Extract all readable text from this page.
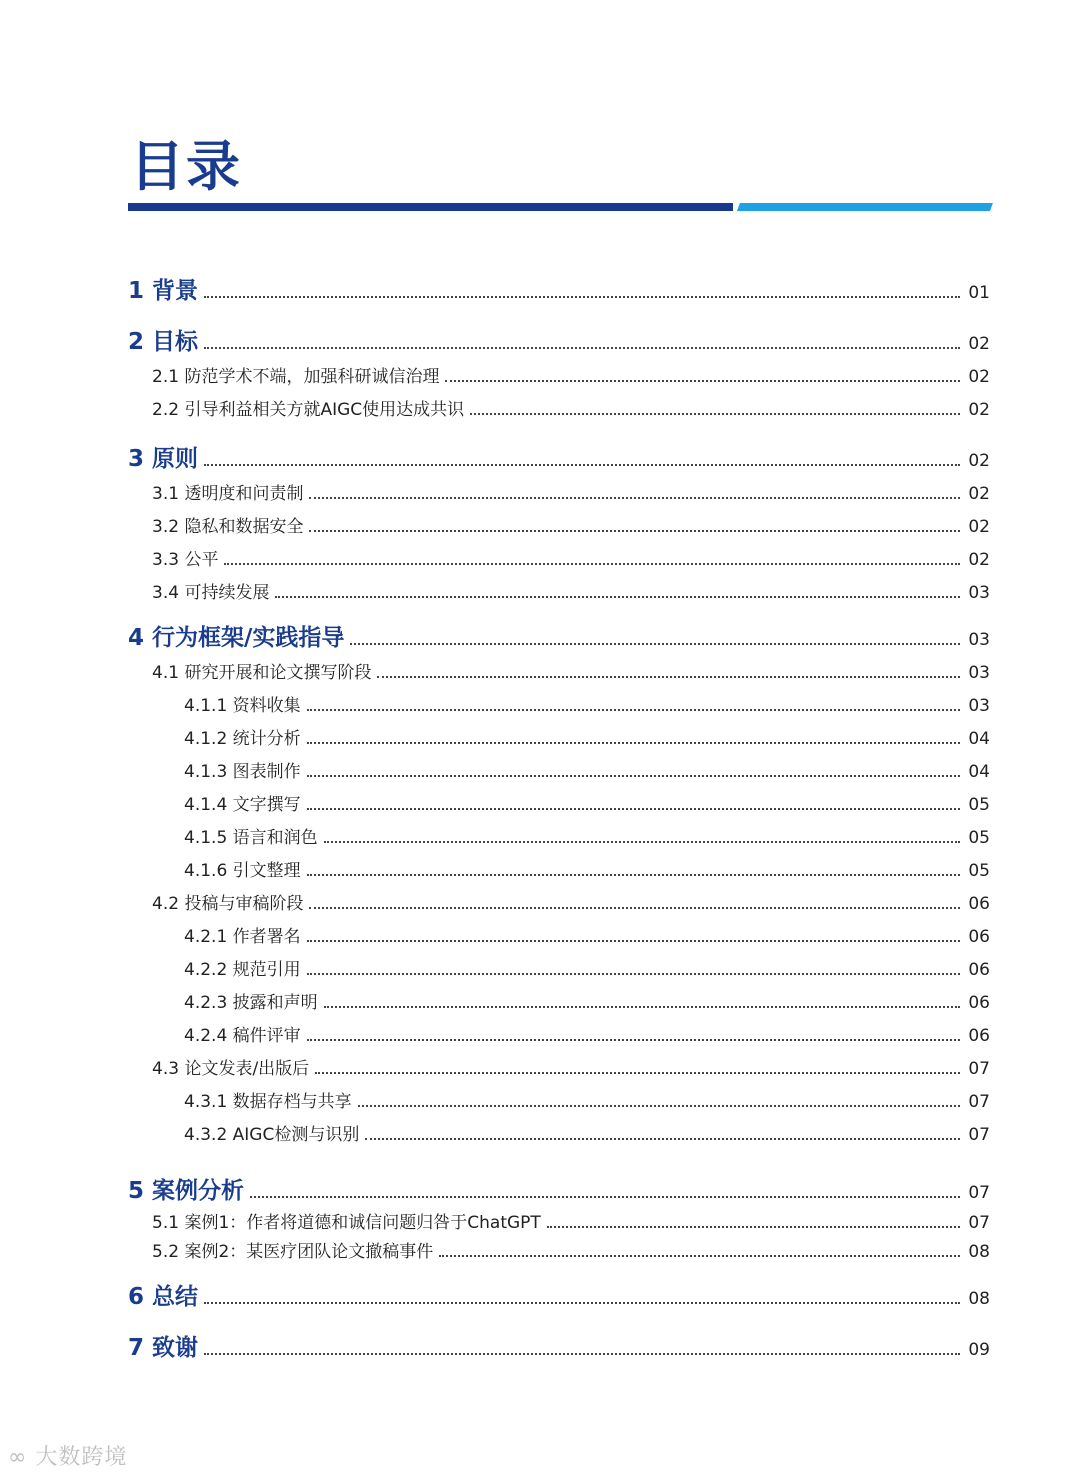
目录
1 背景	01
2 目标	02
2.1 防范学术不端，加强科研诚信治理	02
2.2 引导利益相关方就AIGC使用达成共识	02
3 原则	02
3.1 透明度和问责制	02
3.2 隐私和数据安全	02
3.3 公平	02
3.4 可持续发展	03
4 行为框架/实践指导	03
4.1 研究开展和论文撰写阶段	03
4.1.1 资料收集	03
4.1.2 统计分析	04
4.1.3 图表制作	04
4.1.4 文字撰写	05
4.1.5 语言和润色	05
4.1.6 引文整理	05
4.2 投稿与审稿阶段	06
4.2.1 作者署名	06
4.2.2 规范引用	06
4.2.3 披露和声明	06
4.2.4 稿件评审	06
4.3 论文发表/出版后	07
4.3.1 数据存档与共享	07
4.3.2 AIGC检测与识别	07
5 案例分析	07
5.1 案例1：作者将道德和诚信问题归咎于ChatGPT	07
5.2 案例2：某医疗团队论文撤稿事件	08
6 总结	08
7 致谢	09
∞ 大数跨境
